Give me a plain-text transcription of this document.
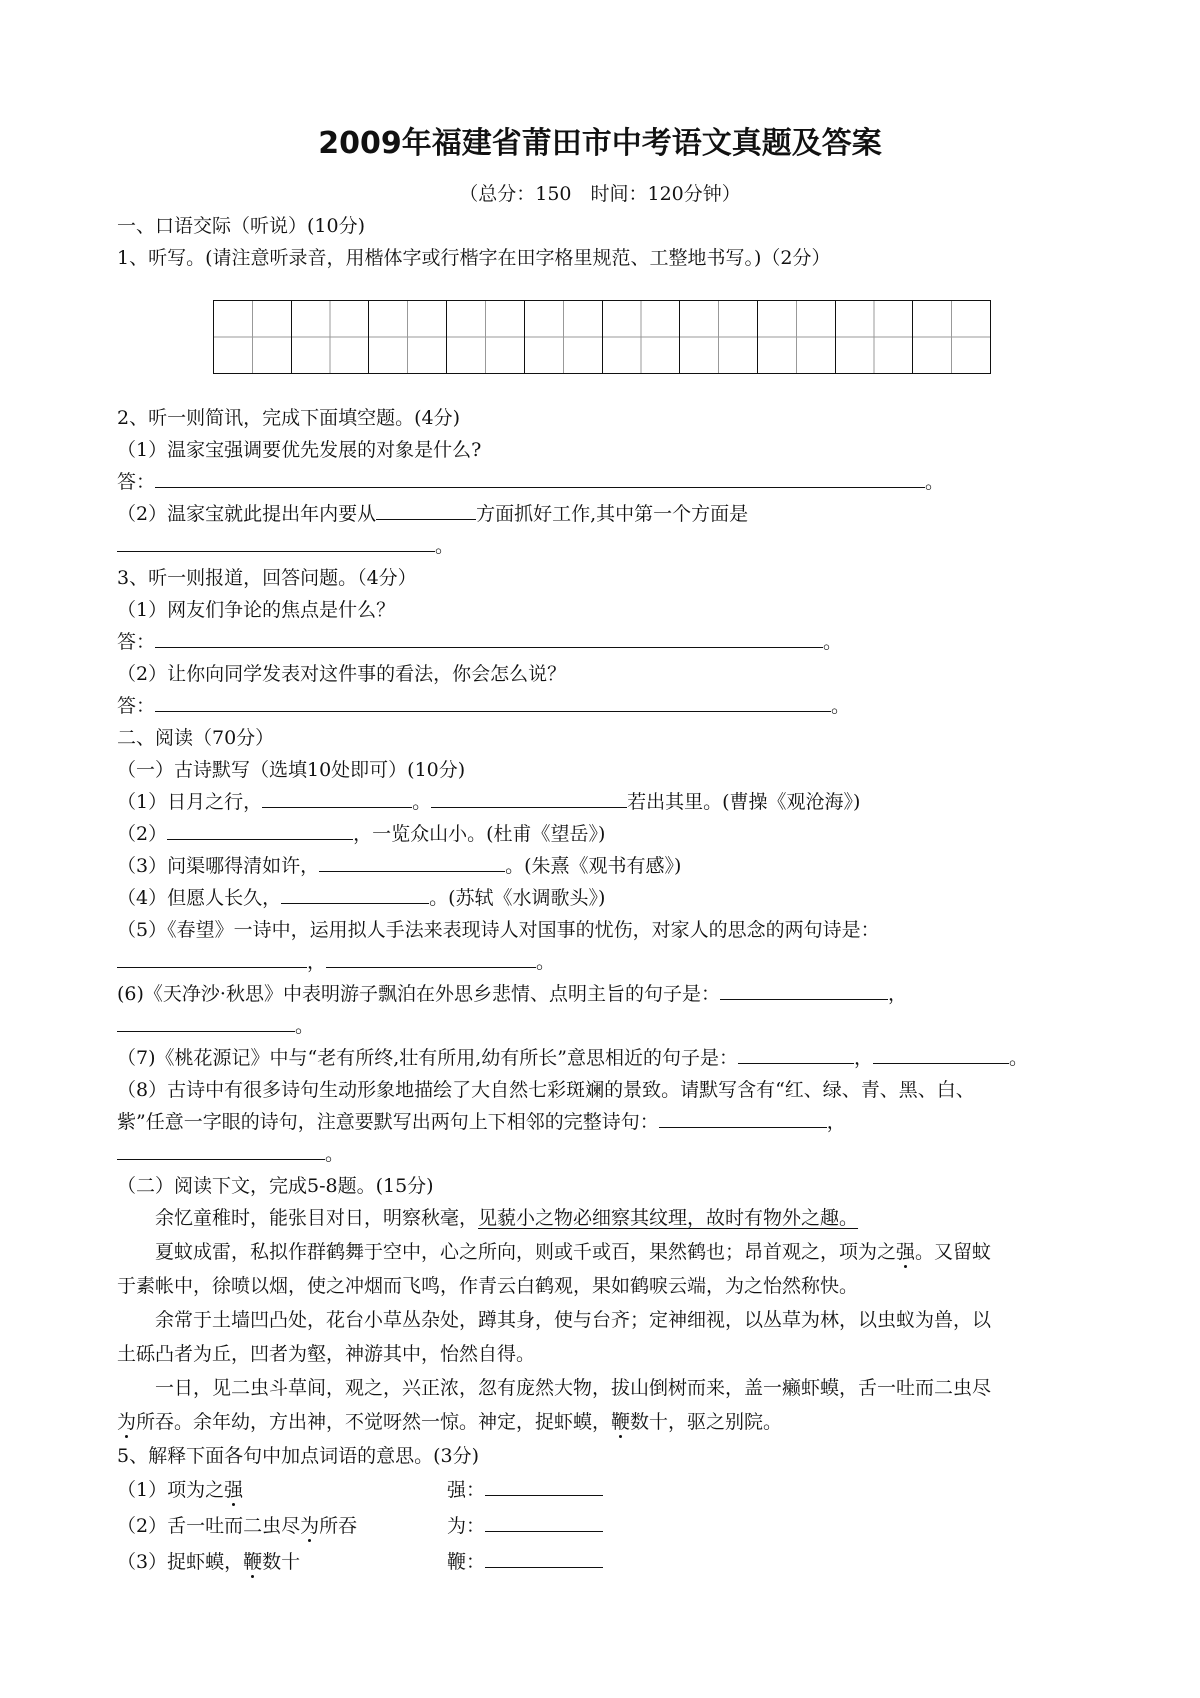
2009年福建省莆田市中考语文真题及答案
（总分：150　时间：120分钟）
一、口语交际（听说）(10分)
1、听写。(请注意听录音，用楷体字或行楷字在田字格里规范、工整地书写。)（2分）
2、听一则简讯，完成下面填空题。(4分)
（1）温家宝强调要优先发展的对象是什么?
答：	。
（2）温家宝就此提出年内要从	方面抓好工作,其中第一个方面是
。
3、听一则报道，回答问题。（4分）
（1）网友们争论的焦点是什么？
答：	。
（2）让你向同学发表对这件事的看法，你会怎么说？
答：	。
二、阅读（70分）
（一）古诗默写（选填10处即可）(10分)
（1）日月之行，	。	若出其里。(曹操《观沧海》)
（2）	，一览众山小。(杜甫《望岳》)
（3）问渠哪得清如许，	。(朱熹《观书有感》)
（4）但愿人长久，	。(苏轼《水调歌头》)
（5）《春望》一诗中，运用拟人手法来表现诗人对国事的忧伤，对家人的思念的两句诗是：
，	。
(6)《天净沙·秋思》中表明游子飘泊在外思乡悲情、点明主旨的句子是：	，
。
（7)《桃花源记》中与“老有所终,壮有所用,幼有所长”意思相近的句子是：	，	。
（8）古诗中有很多诗句生动形象地描绘了大自然七彩斑斓的景致。请默写含有“红、绿、青、黑、白、
紫”任意一字眼的诗句，注意要默写出两句上下相邻的完整诗句：	，
。
（二）阅读下文，完成5-8题。(15分)
余忆童稚时，能张目对日，明察秋毫，见藐小之物必细察其纹理，故时有物外之趣。
夏蚊成雷，私拟作群鹤舞于空中，心之所向，则或千或百，果然鹤也；昂首观之，项为之强。又留蚊
于素帐中，徐喷以烟，使之冲烟而飞鸣，作青云白鹤观，果如鹤唳云端，为之怡然称快。
余常于土墙凹凸处，花台小草丛杂处，蹲其身，使与台齐；定神细视，以丛草为林，以虫蚁为兽，以
土砾凸者为丘，凹者为壑，神游其中，怡然自得。
一日，见二虫斗草间，观之，兴正浓，忽有庞然大物，拔山倒树而来，盖一癞虾蟆，舌一吐而二虫尽
为所吞。余年幼，方出神，不觉呀然一惊。神定，捉虾蟆，鞭数十，驱之别院。
5、解释下面各句中加点词语的意思。(3分)
（1）项为之强	强：
（2）舌一吐而二虫尽为所吞	为：
（3）捉虾蟆，鞭数十	鞭：
